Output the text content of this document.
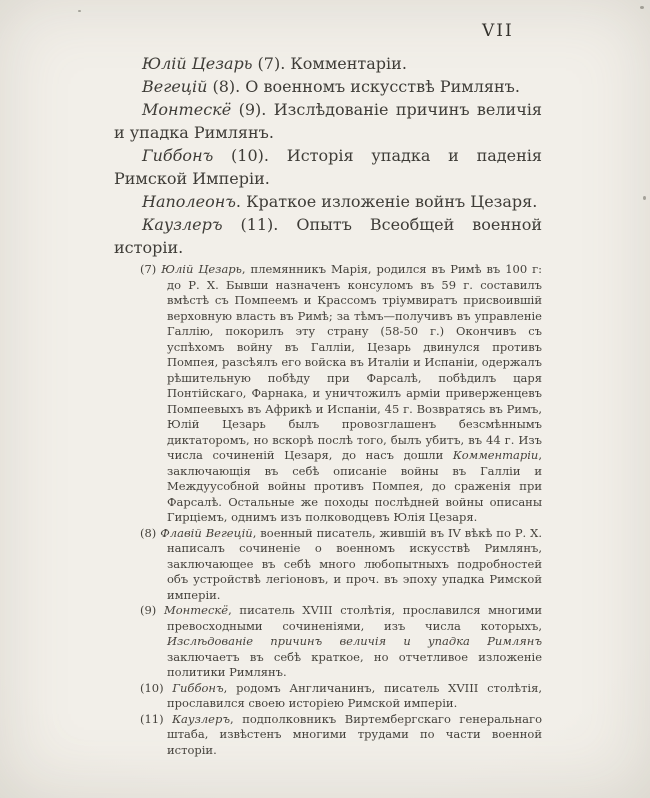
VII

Юлій Цезарь (7). Комментаріи.

Вегецій (8). О военномъ искусствѣ Римлянъ.

Монтескё (9). Изслѣдованіе причинъ величія и упадка Римлянъ.

Гиббонъ (10). Исторія упадка и паденія Римской Имперіи.

Наполеонъ. Краткое изложеніе войнъ Цезаря.

Каузлеръ (11). Опытъ Всеобщей военной исторіи.

(7) Юлій Цезарь, племянникъ Марія, родился въ Римѣ въ 100 г: до Р. Х. Бывши назначенъ консуломъ въ 59 г. составилъ вмѣстѣ съ Помпеемъ и Крассомъ тріумвиратъ присвоившій верховную власть въ Римѣ; за тѣмъ—получивъ въ управленіе Галлію, покорилъ эту страну (58-50 г.) Окончивъ съ успѣхомъ войну въ Галліи, Цезарь двинулся противъ Помпея, разсѣялъ его войска въ Италіи и Испаніи, одержалъ рѣшительную побѣду при Фарсалѣ, побѣдилъ царя Понтійскаго, Фарнака, и уничтожилъ арміи приверженцевъ Помпеевыхъ въ Африкѣ и Испаніи, 45 г. Возвратясь въ Римъ, Юлій Цезарь былъ провозглашенъ безсмѣннымъ диктаторомъ, но вскорѣ послѣ того, былъ убитъ, въ 44 г. Изъ числа сочиненій Цезаря, до насъ дошли Комментаріи, заключающія въ себѣ описаніе войны въ Галліи и Междуусобной войны противъ Помпея, до сраженія при Фарсалѣ. Остальные же походы послѣдней войны описаны Гирціемъ, однимъ изъ полководцевъ Юлія Цезаря.

(8) Флавій Вегецій, военный писатель, жившій въ IV вѣкѣ по Р. Х. написалъ сочиненіе о военномъ искусствѣ Римлянъ, заключающее въ себѣ много любопытныхъ подробностей объ устройствѣ легіоновъ, и проч. въ эпоху упадка Римской имперіи.

(9) Монтескё, писатель XVIII столѣтія, прославился многими превосходными сочиненіями, изъ числа которыхъ, Изслѣдованіе причинъ величія и упадка Римлянъ заключаетъ въ себѣ краткое, но отчетливое изложеніе политики Римлянъ.

(10) Гиббонъ, родомъ Англичанинъ, писатель XVIII столѣтія, прославился своею исторіею Римской имперіи.

(11) Каузлеръ, подполковникъ Виртембергскаго генеральнаго штаба, извѣстенъ многими трудами по части военной исторіи.
